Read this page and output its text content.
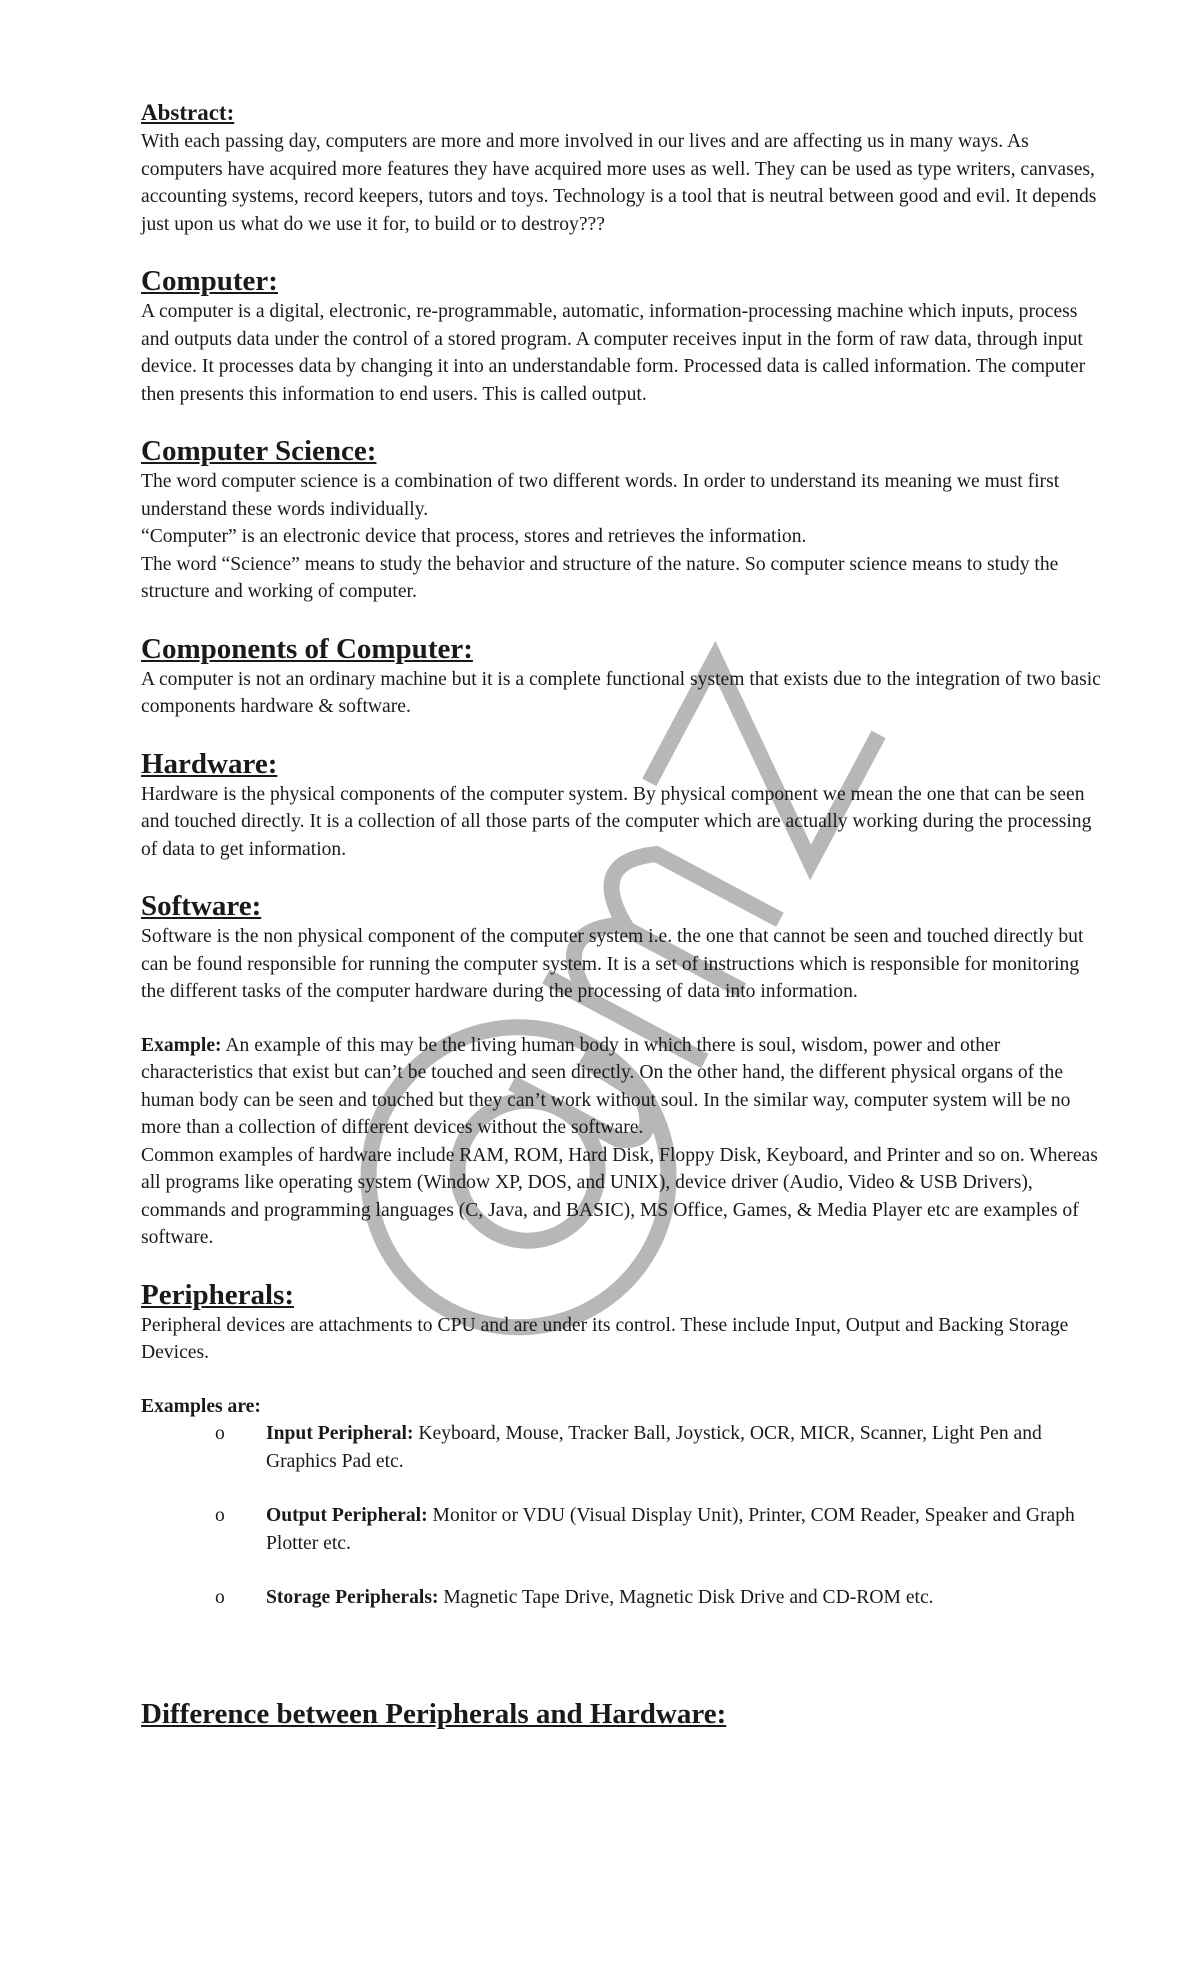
Abstract:

With each passing day, computers are more and more involved in our lives and are affecting us in many ways. As computers have acquired more features they have acquired more uses as well. They can be used as type writers, canvases, accounting systems, record keepers, tutors and toys. Technology is a tool that is neutral between good and evil. It depends just upon us what do we use it for, to build or to destroy???

Computer:

A computer is a digital, electronic, re-programmable, automatic, information-processing machine which inputs, process and outputs data under the control of a stored program. A computer receives input in the form of raw data, through input device. It processes data by changing it into an understandable form. Processed data is called information. The computer then presents this information to end users. This is called output.

Computer Science:

The word computer science is a combination of two different words. In order to understand its meaning we must first understand these words individually.

“Computer” is an electronic device that process, stores and retrieves the information.

The word “Science” means to study the behavior and structure of the nature. So computer science means to study the structure and working of computer.

Components of Computer:

A computer is not an ordinary machine but it is a complete functional system that exists due to the integration of two basic components hardware & software.

Hardware:

Hardware is the physical components of the computer system. By physical component we mean the one that can be seen and touched directly. It is a collection of all those parts of the computer which are actually working during the processing of data to get information.

Software:

Software is the non physical component of the computer system i.e. the one that cannot be seen and touched directly but can be found responsible for running the computer system. It is a set of instructions which is responsible for monitoring the different tasks of the computer hardware during the processing of data into information.

Example: An example of this may be the living human body in which there is soul, wisdom, power and other characteristics that exist but can’t be touched and seen directly. On the other hand, the different physical organs of the human body can be seen and touched but they can’t work without soul. In the similar way, computer system will be no more than a collection of different devices without the software.

Common examples of hardware include RAM, ROM, Hard Disk, Floppy Disk, Keyboard, and Printer and so on. Whereas all programs like operating system (Window XP, DOS, and UNIX), device driver (Audio, Video & USB Drivers), commands and programming languages (C, Java, and BASIC), MS Office, Games, & Media Player etc are examples of software.

Peripherals:

Peripheral devices are attachments to CPU and are under its control. These include Input, Output and Backing Storage Devices.

Examples are:

o Input Peripheral: Keyboard, Mouse, Tracker Ball, Joystick, OCR, MICR, Scanner, Light Pen and Graphics Pad etc.
o Output Peripheral: Monitor or VDU (Visual Display Unit), Printer, COM Reader, Speaker and Graph Plotter etc.
o Storage Peripherals: Magnetic Tape Drive, Magnetic Disk Drive and CD-ROM etc.
Difference between Peripherals and Hardware:
